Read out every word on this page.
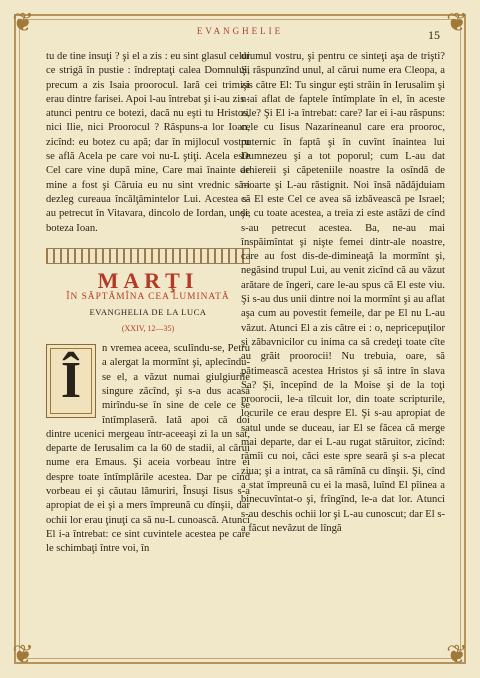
❦	❦
❦	❦
EVANGHELIE	15

tu de tine insuţi ? şi el a zis : eu sint glasul celui ce strigă în pustie : îndreptaţi calea Domnului, precum a zis Isaia proorocul. Iară cei trimişi erau dintre farisei. Apoi l-au întrebat şi i-au zis : atunci pentru ce botezi, dacă nu eşti tu Hristos, nici Ilie, nici Proorocul ? Răspuns-a lor Ioan, zicînd: eu botez cu apă; dar în mijlocul vostru se află Acela pe care voi nu-L ştiţi. Acela este Cel care vine după mine, Care mai înainte de mine a fost şi Căruia eu nu sint vrednic să-i dezleg cureaua încălţămintelor Lui. Acestea s-au petrecut în Vitavara, dincolo de Iordan, unde boteza Ioan.

MARŢI
ÎN SĂPTĂMÎNA CEA LUMINATĂ
EVANGHELIA DE LA LUCA
(XXIV, 12—35)

Î
n vremea aceea, sculîndu-se, Petru a alergat la mormînt şi, aplecîndu-se el, a văzut numai giulgiurile singure zăcînd, şi s-a dus acasă mirîndu-se în sine de cele ce se întîmplaseră. Iată apoi că doi dintre ucenici mergeau într-aceeaşi zi la un sat, departe de Ierusalim ca la 60 de stadii, al cărui nume era Emaus. Şi aceia vorbeau între ei despre toate întîmplările acestea. Dar pe cînd vorbeau ei şi căutau lămuriri, Însuşi Iisus s-a apropiat de ei şi a mers împreună cu dînşii, dar ochii lor erau ţinuţi ca să nu-L cunoască. Atunci El i-a întrebat: ce sint cuvintele acestea pe care le schimbaţi între voi, în

drumul vostru, şi pentru ce sinteţi aşa de trişti? Şi răspunzînd unul, al cărui nume era Cleopa, a zis către El: Tu singur eşti străin în Ierusalim şi n-ai aflat de faptele întîmplate în el, în aceste zile? Şi El i-a întrebat: care? Iar ei i-au răspuns: cele cu Iisus Nazarineanul care era prooroc, puternic în faptă şi în cuvînt înaintea lui Dumnezeu şi a tot poporul; cum L-au dat arhiereii şi căpeteniile noastre la osîndă de moarte şi L-au răstignit. Noi însă nădăjduiam că El este Cel ce avea să izbăvească pe Israel; şi, cu toate acestea, a treia zi este astăzi de cînd s-au petrecut acestea. Ba, ne-au mai înspăimîntat şi nişte femei dintr-ale noastre, care au fost dis-de-dimineaţă la mormînt şi, negăsind trupul Lui, au venit zicînd că au văzut arătare de îngeri, care le-au spus că El este viu. Şi s-au dus unii dintre noi la mormînt şi au aflat aşa cum au povestit femeile, dar pe El nu L-au văzut. Atunci El a zis către ei : o, nepricepuţilor şi zăbavnicilor cu inima ca să credeţi toate cîte au grăit proorocii! Nu trebuia, oare, să pătimească acestea Hristos şi să intre în slava Sa? Şi, începînd de la Moise şi de la toţi proorocii, le-a tîlcuit lor, din toate scripturile, locurile ce erau despre El. Şi s-au apropiat de satul unde se duceau, iar El se făcea că merge mai departe, dar ei L-au rugat stăruitor, zicînd: rămîi cu noi, căci este spre seară şi s-a plecat ziua; şi a intrat, ca să rămînă cu dînşii. Şi, cînd a stat împreună cu ei la masă, luînd El pîinea a binecuvîntat-o şi, frîngînd, le-a dat lor. Atunci s-au deschis ochii lor şi L-au cunoscut; dar El s-a făcut nevăzut de lîngă
